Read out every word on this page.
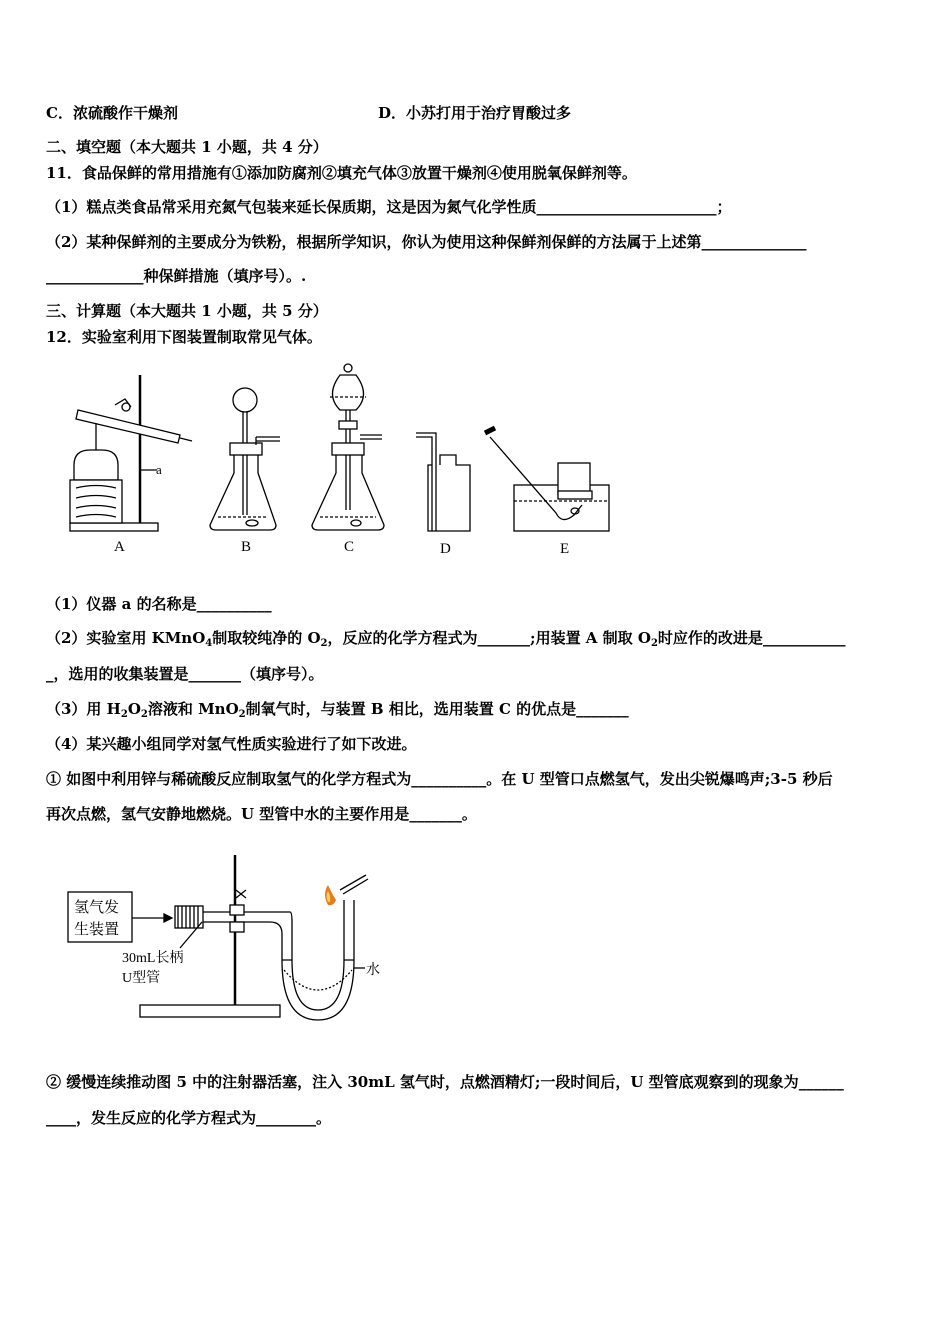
C．浓硫酸作干燥剂	D．小苏打用于治疗胃酸过多
二、填空题（本大题共 1 小题，共 4 分）
11．食品保鲜的常用措施有①添加防腐剂②填充气体③放置干燥剂④使用脱氧保鲜剂等。
（1）糕点类食品常采用充氮气包装来延长保质期，这是因为氮气化学性质________________________；
（2）某种保鲜剂的主要成分为铁粉，根据所学知识，你认为使用这种保鲜剂保鲜的方法属于上述第______________
_____________种保鲜措施（填序号）。.
三、计算题（本大题共 1 小题，共 5 分）
12．实验室利用下图装置制取常见气体。
a
A	B	C	D	E
（1）仪器 a 的名称是__________
（2）实验室用 KMnO$_4$制取较纯净的 $O_2$，反应的化学方程式为_______;用装置 A 制取 $O_2$时应作的改进是___________
_，选用的收集装置是_______（填序号）。
（3）用 $H_2O_2$溶液和 MnO$_2$制氧气时，与装置 B 相比，选用装置 C 的优点是_______
（4）某兴趣小组同学对氢气性质实验进行了如下改进。
① 如图中利用锌与稀硫酸反应制取氢气的化学方程式为__________。在 U 型管口点燃氢气，发出尖锐爆鸣声;3-5 秒后
再次点燃，氢气安静地燃烧。U 型管中水的主要作用是_______。
氢气发
生装置
30mL长柄
U型管
水
② 缓慢连续推动图 5 中的注射器活塞，注入 30mL 氢气时，点燃酒精灯;一段时间后，U 型管底观察到的现象为______
____，发生反应的化学方程式为________。
